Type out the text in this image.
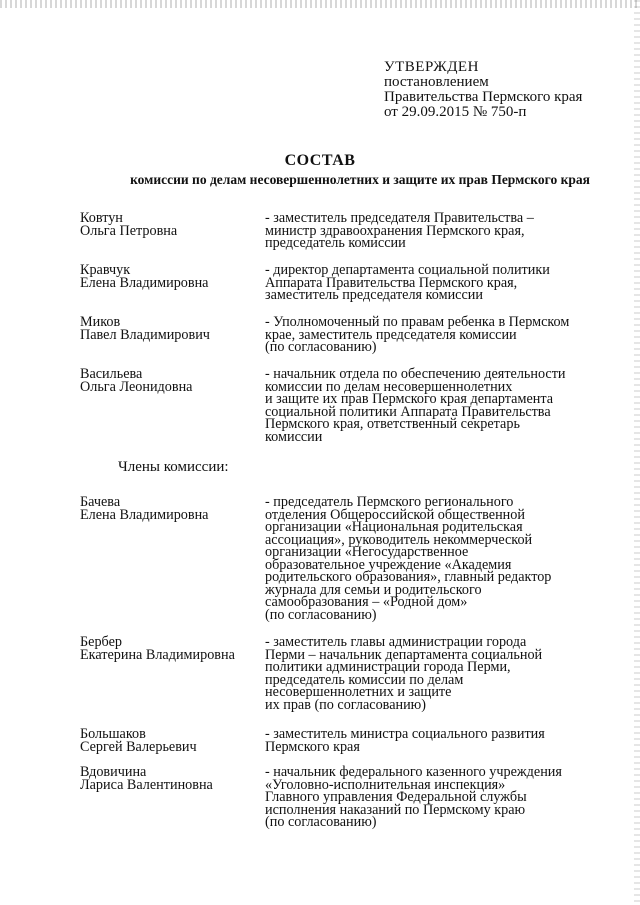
УТВЕРЖДЕН
постановлением
Правительства Пермского края
от 29.09.2015 № 750-п
СОСТАВ
комиссии по делам несовершеннолетних и защите их прав Пермского края
Ковтун
Ольга Петровна
- заместитель председателя Правительства –
министр здравоохранения Пермского края,
председатель комиссии
Кравчук
Елена Владимировна
- директор департамента социальной политики
Аппарата Правительства Пермского края,
заместитель председателя комиссии
Миков
Павел Владимирович
- Уполномоченный по правам ребенка в Пермском
крае, заместитель председателя комиссии
(по согласованию)
Васильева
Ольга Леонидовна
- начальник отдела по обеспечению деятельности
комиссии по делам несовершеннолетних
и защите их прав Пермского края департамента
социальной политики Аппарата Правительства
Пермского края, ответственный секретарь
комиссии
Члены комиссии:
Бачева
Елена Владимировна
- председатель Пермского регионального
отделения Общероссийской общественной
организации «Национальная родительская
ассоциация», руководитель некоммерческой
организации «Негосударственное
образовательное учреждение «Академия
родительского образования», главный редактор
журнала для семьи и родительского
самообразования – «Родной дом»
(по согласованию)
Бербер
Екатерина Владимировна
- заместитель главы администрации города
Перми – начальник департамента социальной
политики администрации города Перми,
председатель комиссии по делам
несовершеннолетних и защите
их прав (по согласованию)
Большаков
Сергей Валерьевич
- заместитель министра социального развития
Пермского края
Вдовичина
Лариса Валентиновна
- начальник федерального казенного учреждения
«Уголовно-исполнительная инспекция»
Главного управления Федеральной службы
исполнения наказаний по Пермскому краю
(по согласованию)
